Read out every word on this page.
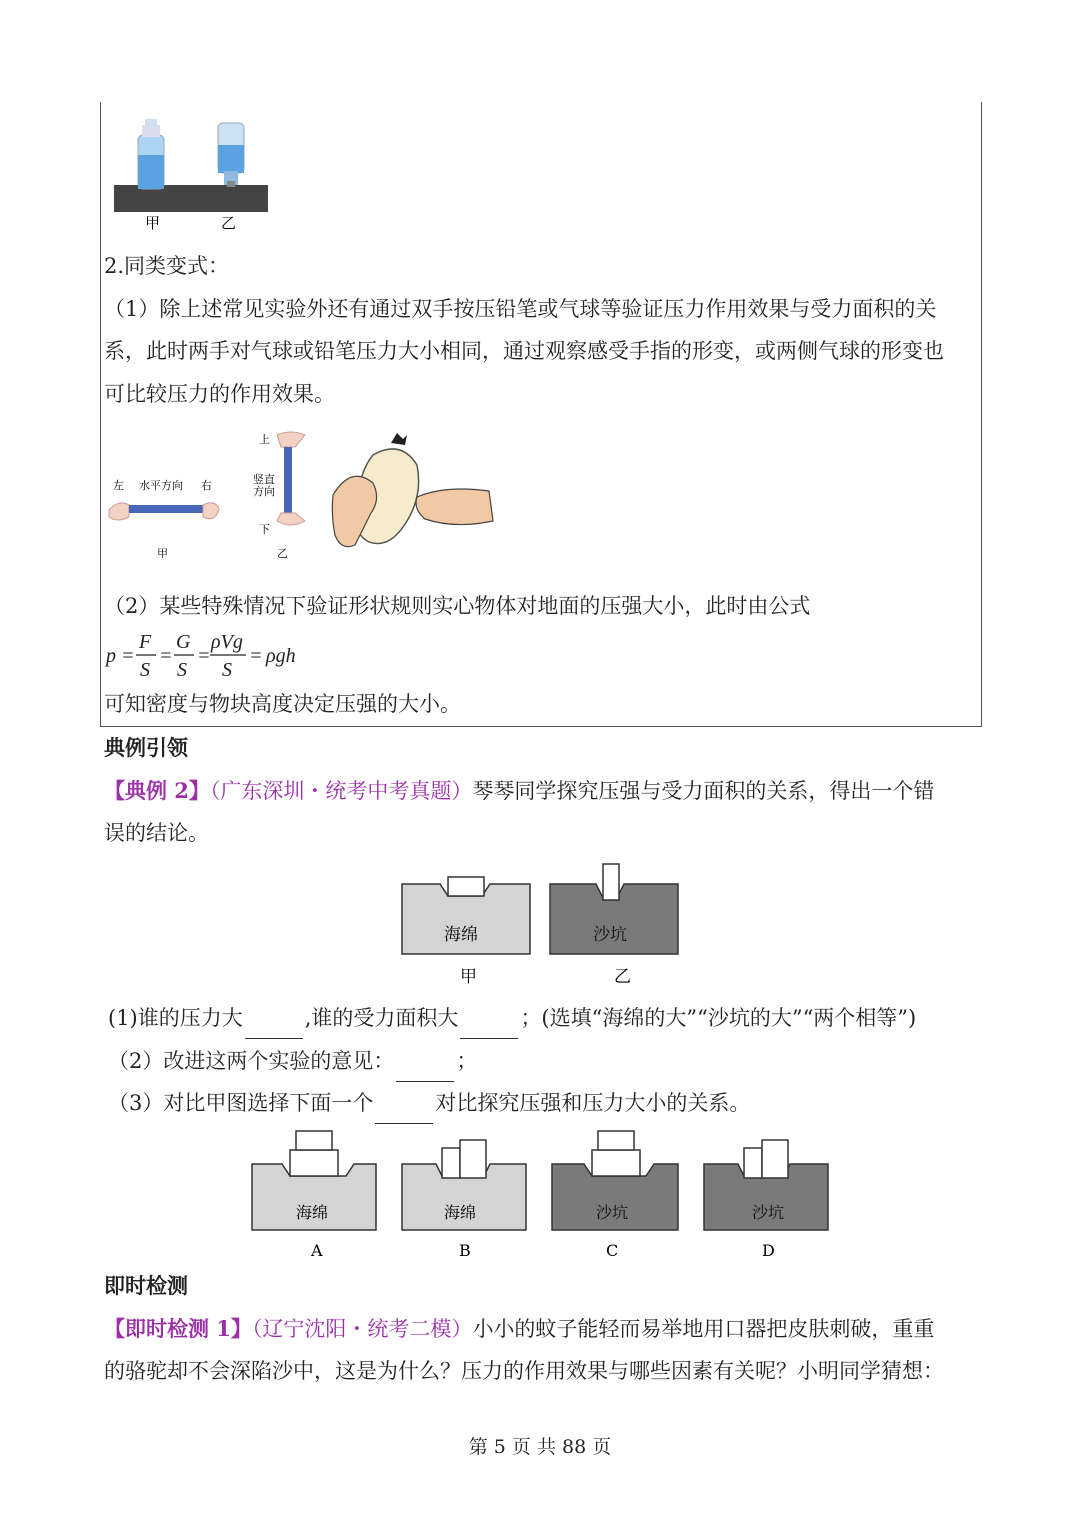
甲	乙
2.同类变式：
（1）除上述常见实验外还有通过双手按压铅笔或气球等验证压力作用效果与受力面积的关
系，此时两手对气球或铅笔压力大小相同，通过观察感受手指的形变，或两侧气球的形变也
可比较压力的作用效果。
左 水平方向 右
甲
上
竖直
方向
下
乙
（2）某些特殊情况下验证形状规则实心物体对地面的压强大小，此时由公式
p =
F
S
=
G
S
=
ρVg
S
= ρgh
可知密度与物块高度决定压强的大小。
典例引领
【典例 2】（广东深圳・统考中考真题）琴琴同学探究压强与受力面积的关系，得出一个错
误的结论。
海绵	沙坑
甲	乙
(1)谁的压力大	,谁的受力面积大	；(选填“海绵的大”“沙坑的大”“两个相等”)
（2）改进这两个实验的意见：	；
（3）对比甲图选择下面一个	对比探究压强和压力大小的关系。
海绵
A
海绵
B
沙坑
C
沙坑
D
即时检测
【即时检测 1】（辽宁沈阳・统考二模）小小的蚊子能轻而易举地用口器把皮肤刺破，重重
的骆驼却不会深陷沙中，这是为什么？压力的作用效果与哪些因素有关呢？小明同学猜想：
第 5 页 共 88 页
